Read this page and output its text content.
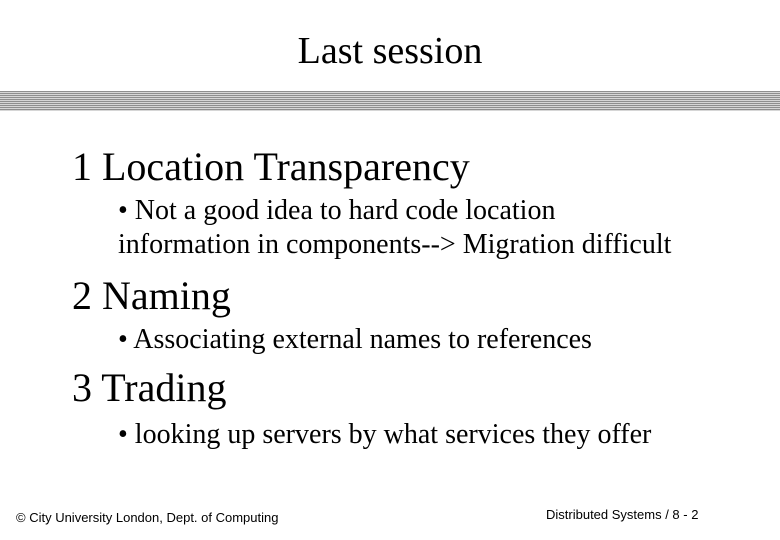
Last session
1 Location Transparency
• Not a good idea to hard code location
information in components--> Migration difficult
2 Naming
• Associating external names to references
3 Trading
• looking up servers by what services they offer
© City University London, Dept. of Computing	Distributed Systems / 8 - 2
